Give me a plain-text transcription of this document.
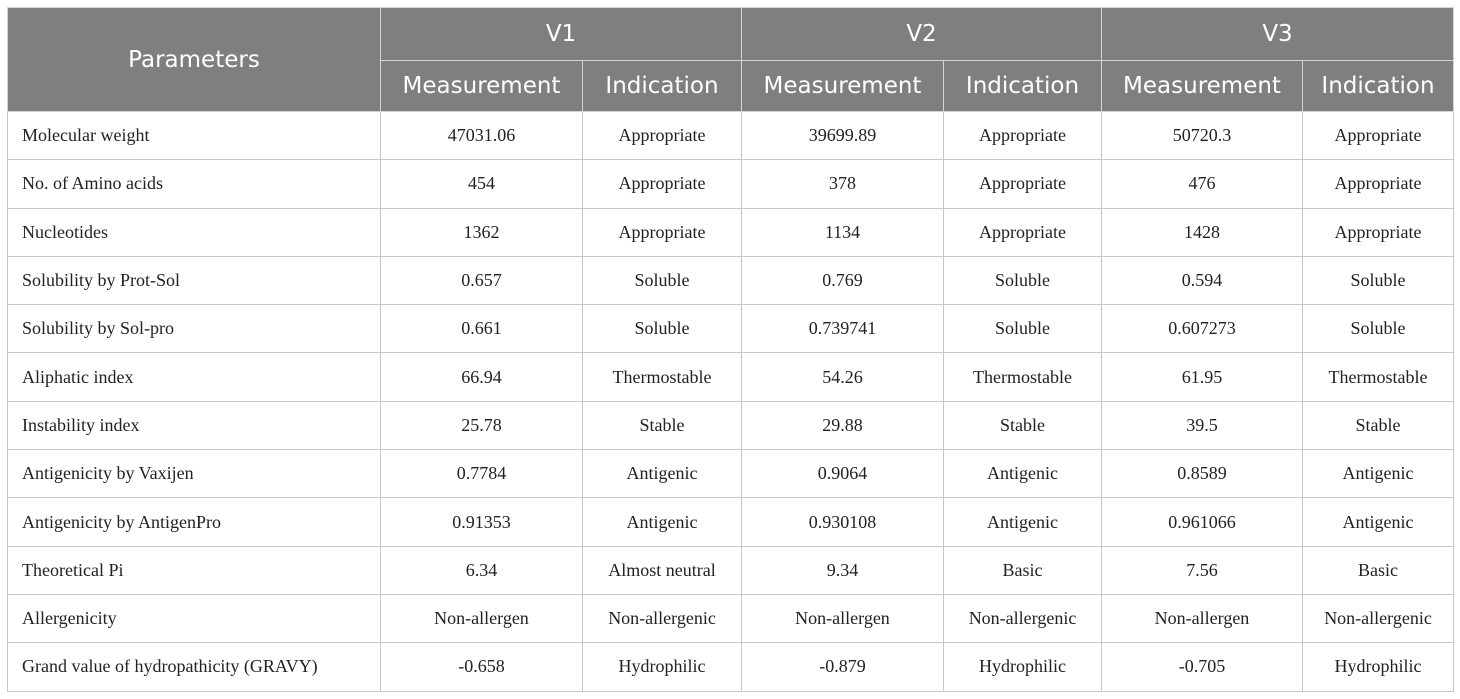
Parameters	V1		V2		V3	
	Measurement	Indication	Measurement	Indication	Measurement	Indication
Molecular weight	47031.06	Appropriate	39699.89	Appropriate	50720.3	Appropriate
No. of Amino acids	454	Appropriate	378	Appropriate	476	Appropriate
Nucleotides	1362	Appropriate	1134	Appropriate	1428	Appropriate
Solubility by Prot-Sol	0.657	Soluble	0.769	Soluble	0.594	Soluble
Solubility by Sol-pro	0.661	Soluble	0.739741	Soluble	0.607273	Soluble
Aliphatic index	66.94	Thermostable	54.26	Thermostable	61.95	Thermostable
Instability index	25.78	Stable	29.88	Stable	39.5	Stable
Antigenicity by Vaxijen	0.7784	Antigenic	0.9064	Antigenic	0.8589	Antigenic
Antigenicity by AntigenPro	0.91353	Antigenic	0.930108	Antigenic	0.961066	Antigenic
Theoretical Pi	6.34	Almost neutral	9.34	Basic	7.56	Basic
Allergenicity	Non-allergen	Non-allergenic	Non-allergen	Non-allergenic	Non-allergen	Non-allergenic
Grand value of hydropathicity (GRAVY)	-0.658	Hydrophilic	-0.879	Hydrophilic	-0.705	Hydrophilic
